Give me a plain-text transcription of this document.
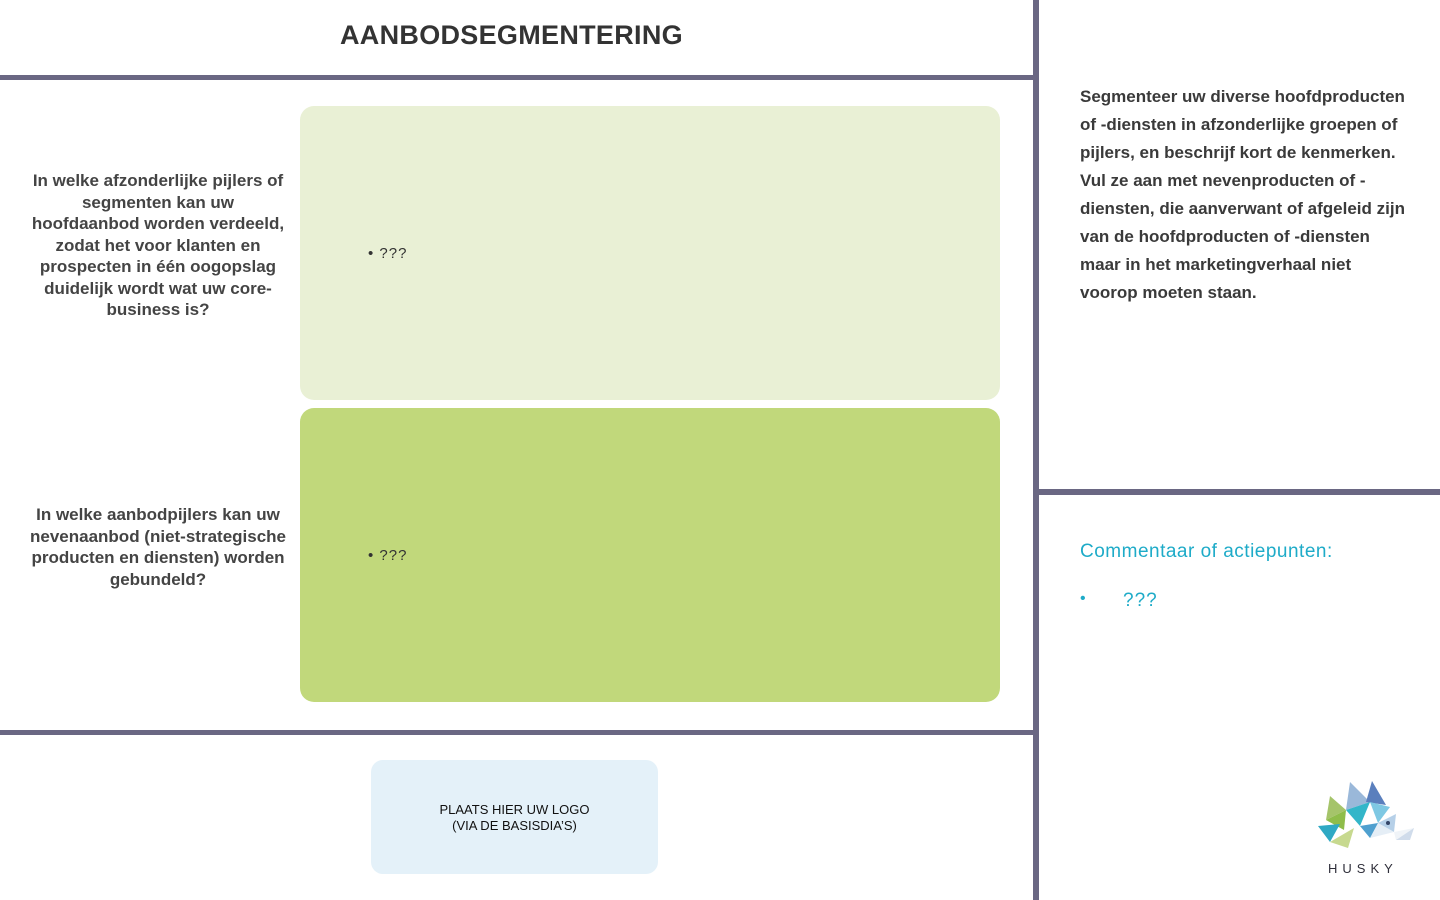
AANBODSEGMENTERING
In welke afzonderlijke pijlers of segmenten kan uw hoofdaanbod worden verdeeld, zodat het voor klanten en prospecten in één oogopslag duidelijk wordt wat uw core-business is?
In welke aanbodpijlers kan uw nevenaanbod (niet-strategische producten en diensten) worden gebundeld?
• ???
• ???
Segmenteer uw diverse hoofdproducten of -diensten in afzonderlijke groepen of pijlers, en beschrijf kort de kenmerken. Vul ze aan met nevenproducten of -diensten, die aanverwant of afgeleid zijn van de hoofdproducten of -diensten maar in het marketingverhaal niet voorop moeten staan.
Commentaar of actiepunten:
• ???
PLAATS HIER UW LOGO
(VIA DE BASISDIA’S)
HUSKY
